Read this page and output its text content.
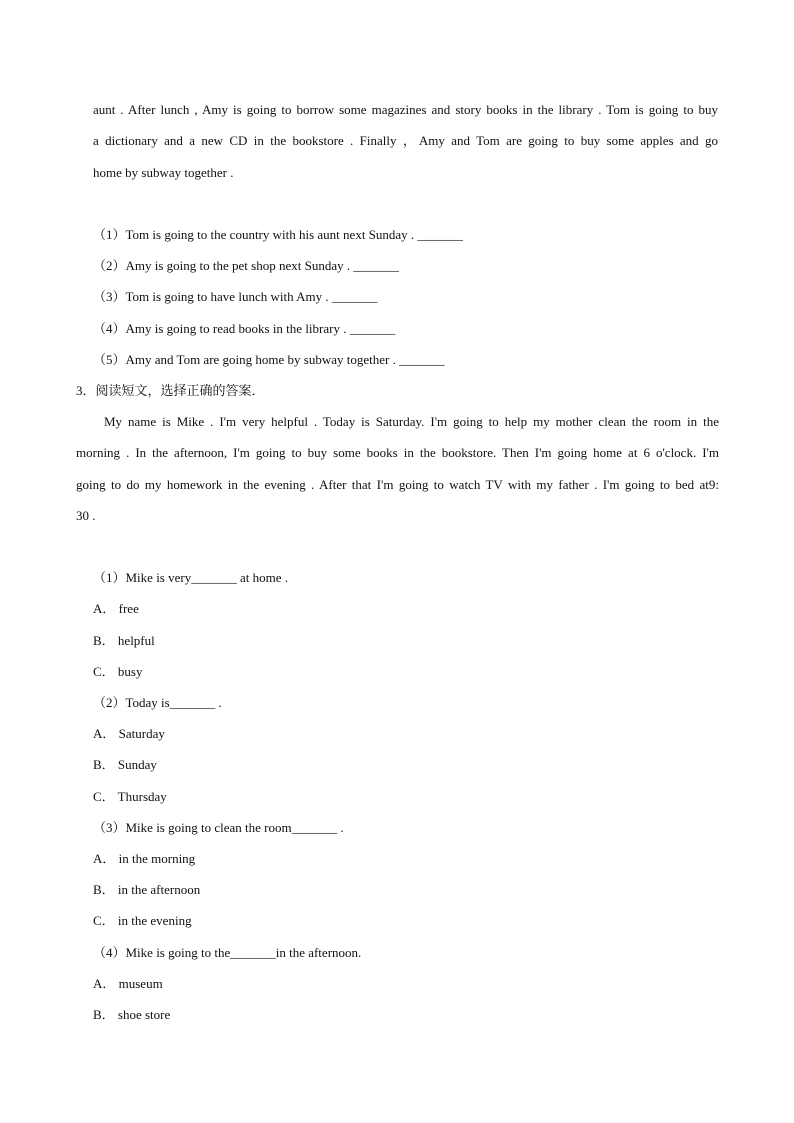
aunt . After lunch , Amy is going to borrow some magazines and story books in the library . Tom is going to buy
a dictionary and a new CD in the bookstore . Finally ，Amy and Tom are going to buy some apples and go
home by subway together .
（1）Tom is going to the country with his aunt next Sunday . _______
（2）Amy is going to the pet shop next Sunday . _______
（3）Tom is going to have lunch with Amy . _______
（4）Amy is going to read books in the library . _______
（5）Amy and Tom are going home by subway together . _______
3．阅读短文，选择正确的答案．
My name is Mike . I'm very helpful . Today is Saturday. I'm going to help my mother clean the room in the
morning . In the afternoon, I'm going to buy some books in the bookstore. Then I'm going home at 6 o'clock. I'm
going to do my homework in the evening . After that I'm going to watch TV with my father . I'm going to bed at9:
30 .
（1）Mike is very_______ at home .
A． free
B． helpful
C． busy
（2）Today is_______ .
A． Saturday
B． Sunday
C． Thursday
（3）Mike is going to clean the room_______ .
A． in the morning
B． in the afternoon
C． in the evening
（4）Mike is going to the_______in the afternoon.
A． museum
B． shoe store
